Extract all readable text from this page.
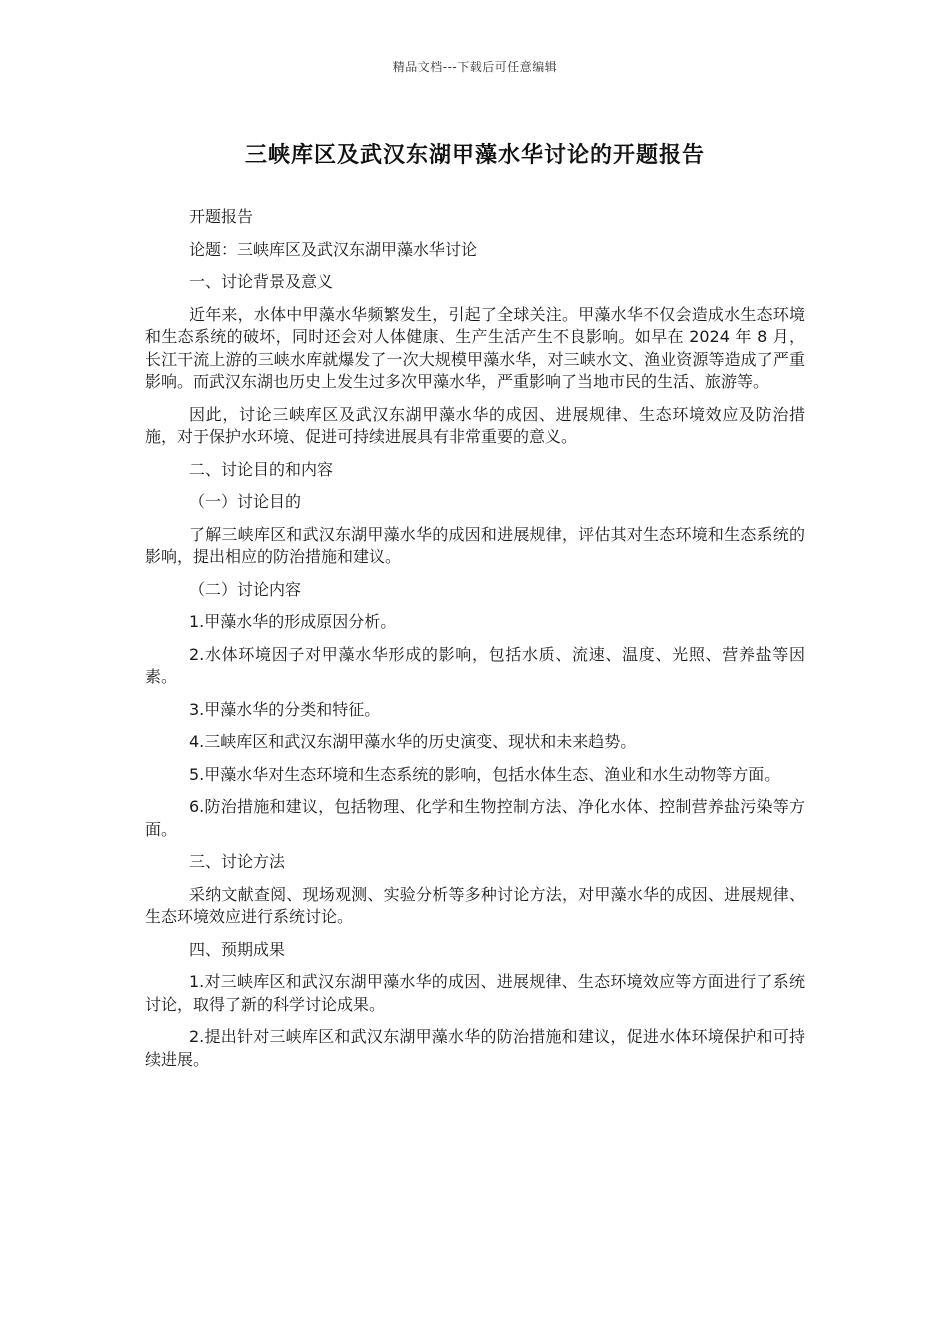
精品文档---下载后可任意编辑
三峡库区及武汉东湖甲藻水华讨论的开题报告

开题报告

论题：三峡库区及武汉东湖甲藻水华讨论

一、讨论背景及意义

近年来，水体中甲藻水华频繁发生，引起了全球关注。甲藻水华不仅会造成水生态环境和生态系统的破坏，同时还会对人体健康、生产生活产生不良影响。如早在 2024 年 8 月，长江干流上游的三峡水库就爆发了一次大规模甲藻水华，对三峡水文、渔业资源等造成了严重影响。而武汉东湖也历史上发生过多次甲藻水华，严重影响了当地市民的生活、旅游等。

因此，讨论三峡库区及武汉东湖甲藻水华的成因、进展规律、生态环境效应及防治措施，对于保护水环境、促进可持续进展具有非常重要的意义。

二、讨论目的和内容

（一）讨论目的

了解三峡库区和武汉东湖甲藻水华的成因和进展规律，评估其对生态环境和生态系统的影响，提出相应的防治措施和建议。

（二）讨论内容

1.甲藻水华的形成原因分析。

2.水体环境因子对甲藻水华形成的影响，包括水质、流速、温度、光照、营养盐等因素。

3.甲藻水华的分类和特征。

4.三峡库区和武汉东湖甲藻水华的历史演变、现状和未来趋势。

5.甲藻水华对生态环境和生态系统的影响，包括水体生态、渔业和水生动物等方面。

6.防治措施和建议，包括物理、化学和生物控制方法、净化水体、控制营养盐污染等方面。

三、讨论方法

采纳文献查阅、现场观测、实验分析等多种讨论方法，对甲藻水华的成因、进展规律、生态环境效应进行系统讨论。

四、预期成果

1.对三峡库区和武汉东湖甲藻水华的成因、进展规律、生态环境效应等方面进行了系统讨论，取得了新的科学讨论成果。

2.提出针对三峡库区和武汉东湖甲藻水华的防治措施和建议，促进水体环境保护和可持续进展。
